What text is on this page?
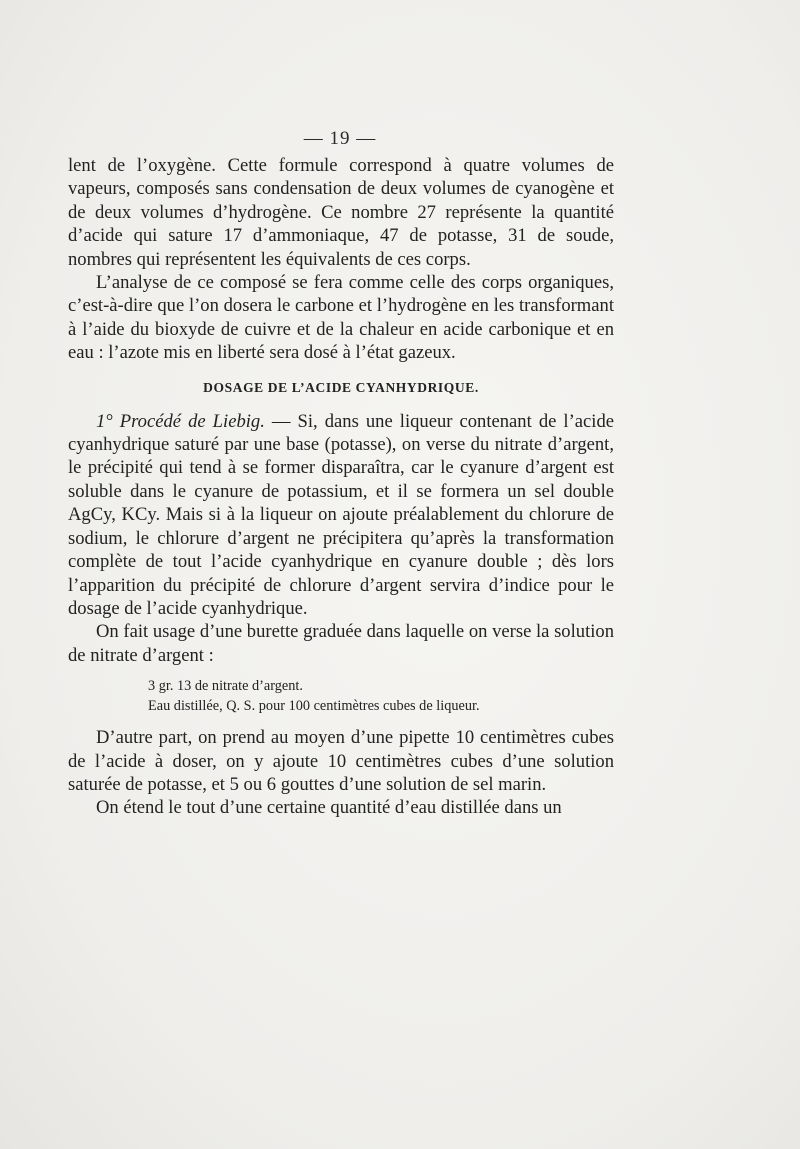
— 19 —

lent de l’oxygène. Cette formule correspond à quatre volumes de vapeurs, composés sans condensation de deux volumes de cyanogène et de deux volumes d’hydrogène. Ce nombre 27 représente la quantité d’acide qui sature 17 d’ammoniaque, 47 de potasse, 31 de soude, nombres qui représentent les équivalents de ces corps.

L’analyse de ce composé se fera comme celle des corps organiques, c’est-à-dire que l’on dosera le carbone et l’hydrogène en les transformant à l’aide du bioxyde de cuivre et de la chaleur en acide carbonique et en eau : l’azote mis en liberté sera dosé à l’état gazeux.

DOSAGE DE L’ACIDE CYANHYDRIQUE.

1° Procédé de Liebig. — Si, dans une liqueur contenant de l’acide cyanhydrique saturé par une base (potasse), on verse du nitrate d’argent, le précipité qui tend à se former disparaîtra, car le cyanure d’argent est soluble dans le cyanure de potassium, et il se formera un sel double AgCy, KCy. Mais si à la liqueur on ajoute préalablement du chlorure de sodium, le chlorure d’argent ne précipitera qu’après la transformation complète de tout l’acide cyanhydrique en cyanure double ; dès lors l’apparition du précipité de chlorure d’argent servira d’indice pour le dosage de l’acide cyanhydrique.

On fait usage d’une burette graduée dans laquelle on verse la solution de nitrate d’argent :

3 gr. 13 de nitrate d’argent.
Eau distillée, Q. S. pour 100 centimètres cubes de liqueur.

D’autre part, on prend au moyen d’une pipette 10 centimètres cubes de l’acide à doser, on y ajoute 10 centimètres cubes d’une solution saturée de potasse, et 5 ou 6 gouttes d’une solution de sel marin.

On étend le tout d’une certaine quantité d’eau distillée dans un
